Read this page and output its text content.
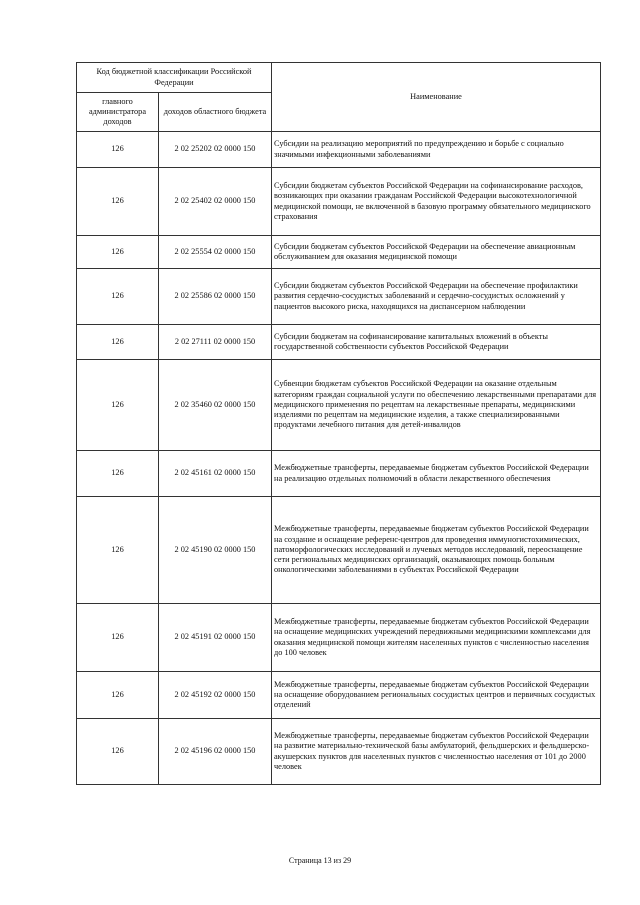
Код бюджетной классификации Российской Федерации		Наименование
главного администратора доходов	доходов областного бюджета	
126	2 02 25202 02 0000 150	Субсидии на реализацию мероприятий по предупреждению и борьбе с социально значимыми инфекционными заболеваниями
126	2 02 25402 02 0000 150	Субсидии бюджетам субъектов Российской Федерации на софинансирование расходов, возникающих при оказании гражданам Российской Федерации высокотехнологичной медицинской помощи, не включенной в базовую программу обязательного медицинского страхования
126	2 02 25554 02 0000 150	Субсидии бюджетам субъектов Российской Федерации на обеспечение авиационным обслуживанием для оказания медицинской помощи
126	2 02 25586 02 0000 150	Субсидии бюджетам субъектов Российской Федерации на обеспечение профилактики развития сердечно-сосудистых заболеваний и сердечно-сосудистых осложнений у пациентов высокого риска, находящихся на диспансерном наблюдении
126	2 02 27111 02 0000 150	Субсидии бюджетам на софинансирование капитальных вложений в объекты государственной собственности субъектов Российской Федерации
126	2 02 35460 02 0000 150	Субвенции бюджетам субъектов Российской Федерации на оказание отдельным категориям граждан социальной услуги по обеспечению лекарственными препаратами для медицинского применения по рецептам на лекарственные препараты, медицинскими изделиями по рецептам на медицинские изделия, а также специализированными продуктами лечебного питания для детей-инвалидов
126	2 02 45161 02 0000 150	Межбюджетные трансферты, передаваемые бюджетам субъектов Российской Федерации на реализацию отдельных полномочий в области лекарственного обеспечения
126	2 02 45190 02 0000 150	Межбюджетные трансферты, передаваемые бюджетам субъектов Российской Федерации на создание и оснащение референс-центров для проведения иммуногистохимических, патоморфологических исследований и лучевых методов исследований, переоснащение сети региональных медицинских организаций, оказывающих помощь больным онкологическими заболеваниями в субъектах Российской Федерации
126	2 02 45191 02 0000 150	Межбюджетные трансферты, передаваемые бюджетам субъектов Российской Федерации на оснащение медицинских учреждений передвижными медицинскими комплексами для оказания медицинской помощи жителям населенных пунктов с численностью населения до 100 человек
126	2 02 45192 02 0000 150	Межбюджетные трансферты, передаваемые бюджетам субъектов Российской Федерации на оснащение оборудованием региональных сосудистых центров и первичных сосудистых отделений
126	2 02 45196 02 0000 150	Межбюджетные трансферты, передаваемые бюджетам субъектов Российской Федерации на развитие материально-технической базы амбулаторий, фельдшерских и фельдшерско-акушерских пунктов для населенных пунктов с численностью населения от 101 до 2000 человек
Страница 13 из 29
